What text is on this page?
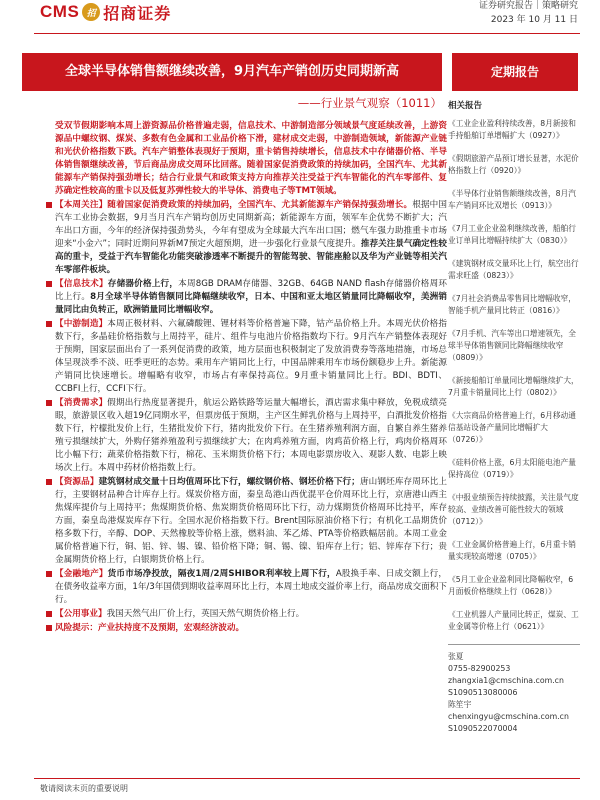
CMS 招 招商证券	证券研究报告｜策略研究
2023 年 10 月 11 日
全球半导体销售额继续改善，9月汽车产销创历史同期新高	定期报告
——行业景气观察（1011）

受双节假期影响本周上游资源品价格普遍走弱，信息技术、中游制造部分领域景气度延续改善，上游资源品中螺纹钢、煤炭、多数有色金属和工业品价格下滑，建材成交走弱，中游制造领域，新能源产业链和光伏价格指数下跌。汽车产销整体表现好于预期，重卡销售持续增长，信息技术中存储器价格、半导体销售额继续改善，节后商品房成交周环比回落。随着国家促消费政策的持续加码，全国汽车、尤其新能源车产销保持强劲增长；结合行业景气和政策支持方向推荐关注受益于汽车智能化的汽车零部件、复苏确定性较高的重卡以及低复苏弹性较大的半导体、消费电子等TMT领域。

【本周关注】随着国家促消费政策的持续加码，全国汽车、尤其新能源车产销保持强劲增长。根据中国汽车工业协会数据，9月当月汽车产销均创历史同期新高；新能源车方面，领军车企优势不断扩大；汽车出口方面，今年的经济保持强劲势头，今年有望成为全球最大汽车出口国；燃气车强力助推重卡市场迎来“小金六”；同时近期问界新M7预定火超预期，进一步强化行业景气度提升。推荐关注景气确定性较高的重卡，受益于汽车智能化功能突破渗透率不断提升的智能驾驶、智能座舱以及华为产业链等相关汽车零部件板块。
【信息技术】存储器价格上行，本周8GB DRAM存储器、32GB、64GB NAND flash存储器价格周环比上行。8月全球半导体销售额同比降幅继续收窄，日本、中国和亚太地区销量同比降幅收窄，美洲销量同比由负转正，欧洲销量同比增幅收窄。
【中游制造】本周正极材料、六氟磷酸锂、锂材料等价格普遍下降，钴产品价格上升。本周光伏价格指数下行，多晶硅价格指数与上周持平，硅片、组件与电池片价格指数均下行。9月汽车产销整体表现好于预期，国家层面出台了一系列促消费的政策，地方层面也积极制定了发放消费券等落地措施，市场总体呈现淡季不淡、旺季更旺的态势。乘用车产销同比上行，中国品牌乘用车市场份额稳步上升。新能源产销同比快速增长。增幅略有收窄，市场占有率保持高位。9月重卡销量同比上行。BDI、BDTI、CCBFI上行，CCFI下行。
【消费需求】假期出行热度显著提升，航运公路铁路等运量大幅增长，酒店需求集中释放，免税成绩亮眼，旅游景区收入超19亿同期水平，但票房低于预期，主产区生鲜乳价格与上周持平，白酒批发价格指数下行，柠檬批发价上行，生猪批发价下行，猪肉批发价下行。在生猪养殖利润方面，自繁自养生猪养殖亏损继续扩大，外购仔猪养殖盈利亏损继续扩大；在肉鸡养殖方面，肉鸡苗价格上行，鸡肉价格周环比小幅下行；蔬菜价格指数下行，棉花、玉米期货价格下行；本周电影票房收入、观影人数、电影上映场次上行。本周中药材价格指数上行。
【资源品】建筑钢材成交量十日均值周环比下行，螺纹钢价格、钢坯价格下行；唐山钢坯库存周环比上行，主要钢材品种合计库存上行。煤炭价格方面，秦皇岛港山西优混平仓价周环比上行，京唐港山西主焦煤库提价与上周持平；焦煤期货价格、焦炭期货价格周环比下行，动力煤期货价格周环比持平，库存方面，秦皇岛港煤炭库存下行。全国水泥价格指数下行。Brent国际原油价格下行；有机化工品期货价格多数下行，辛醇、DOP、天然橡胶等价格上涨，燃料油、苯乙烯、PTA等价格跌幅居前。本周工业金属价格普遍下行，铜、铝、锌、锡、镍、铅价格下降；铜、锡、镍、铅库存上行；铝、锌库存下行；贵金属期货价格上行，白银期货价格上行。
【金融地产】货币市场净投放，隔夜1周/2周SHIBOR利率较上周下行，A股换手率、日成交额上行，在债务收益率方面，1年/3年国债到期收益率周环比上行，本周土地成交溢价率上行，商品房成交面积下行。
【公用事业】我国天然气出厂价上行，英国天然气期货价格上行。
风险提示：产业扶持度不及预期，宏观经济波动。
相关报告
《工业企业盈利持续改善，8月新接和手持船舶订单增幅扩大（0927）》
《假期旅游产品预订增长显著，水泥价格指数上行（0920）》
《半导体行业销售额继续改善，8月汽车产销同环比双增长（0913）》
《7月工业企业盈利继续改善，船舶行业订单同比增幅持续扩大（0830）》
《建筑钢材成交量环比上行，航空出行需求旺盛（0823）》
《7月社会消费品零售同比增幅收窄，智能手机产量同比转正（0816）》
《7月手机、汽车等出口增速领先，全球半导体销售额同比降幅继续收窄（0809）》
《新接船舶订单量同比增幅继续扩大，7月重卡销量同比上行（0802）》
《大宗商品价格普遍上行，6月移动通信基站设备产量同比增幅扩大（0726）》
《硅料价格上涨，6月太阳能电池产量保持高位（0719）》
《中报业绩预告持续披露，关注景气度较高、业绩改善可能性较大的领域（0712）》
《工业金属价格普遍上行，6月重卡销量实现较高增速（0705）》
《5月工业企业盈利同比降幅收窄，6月面板价格继续上行（0628）》
《工业机器人产量同比转正，煤炭、工业金属等价格上行（0621）》
张夏
0755-82900253
zhangxia1@cmschina.com.cn
S1090513080006
陈笙宇
chenxingyu@cmschina.com.cn
S1090522070004
敬请阅读末页的重要说明
